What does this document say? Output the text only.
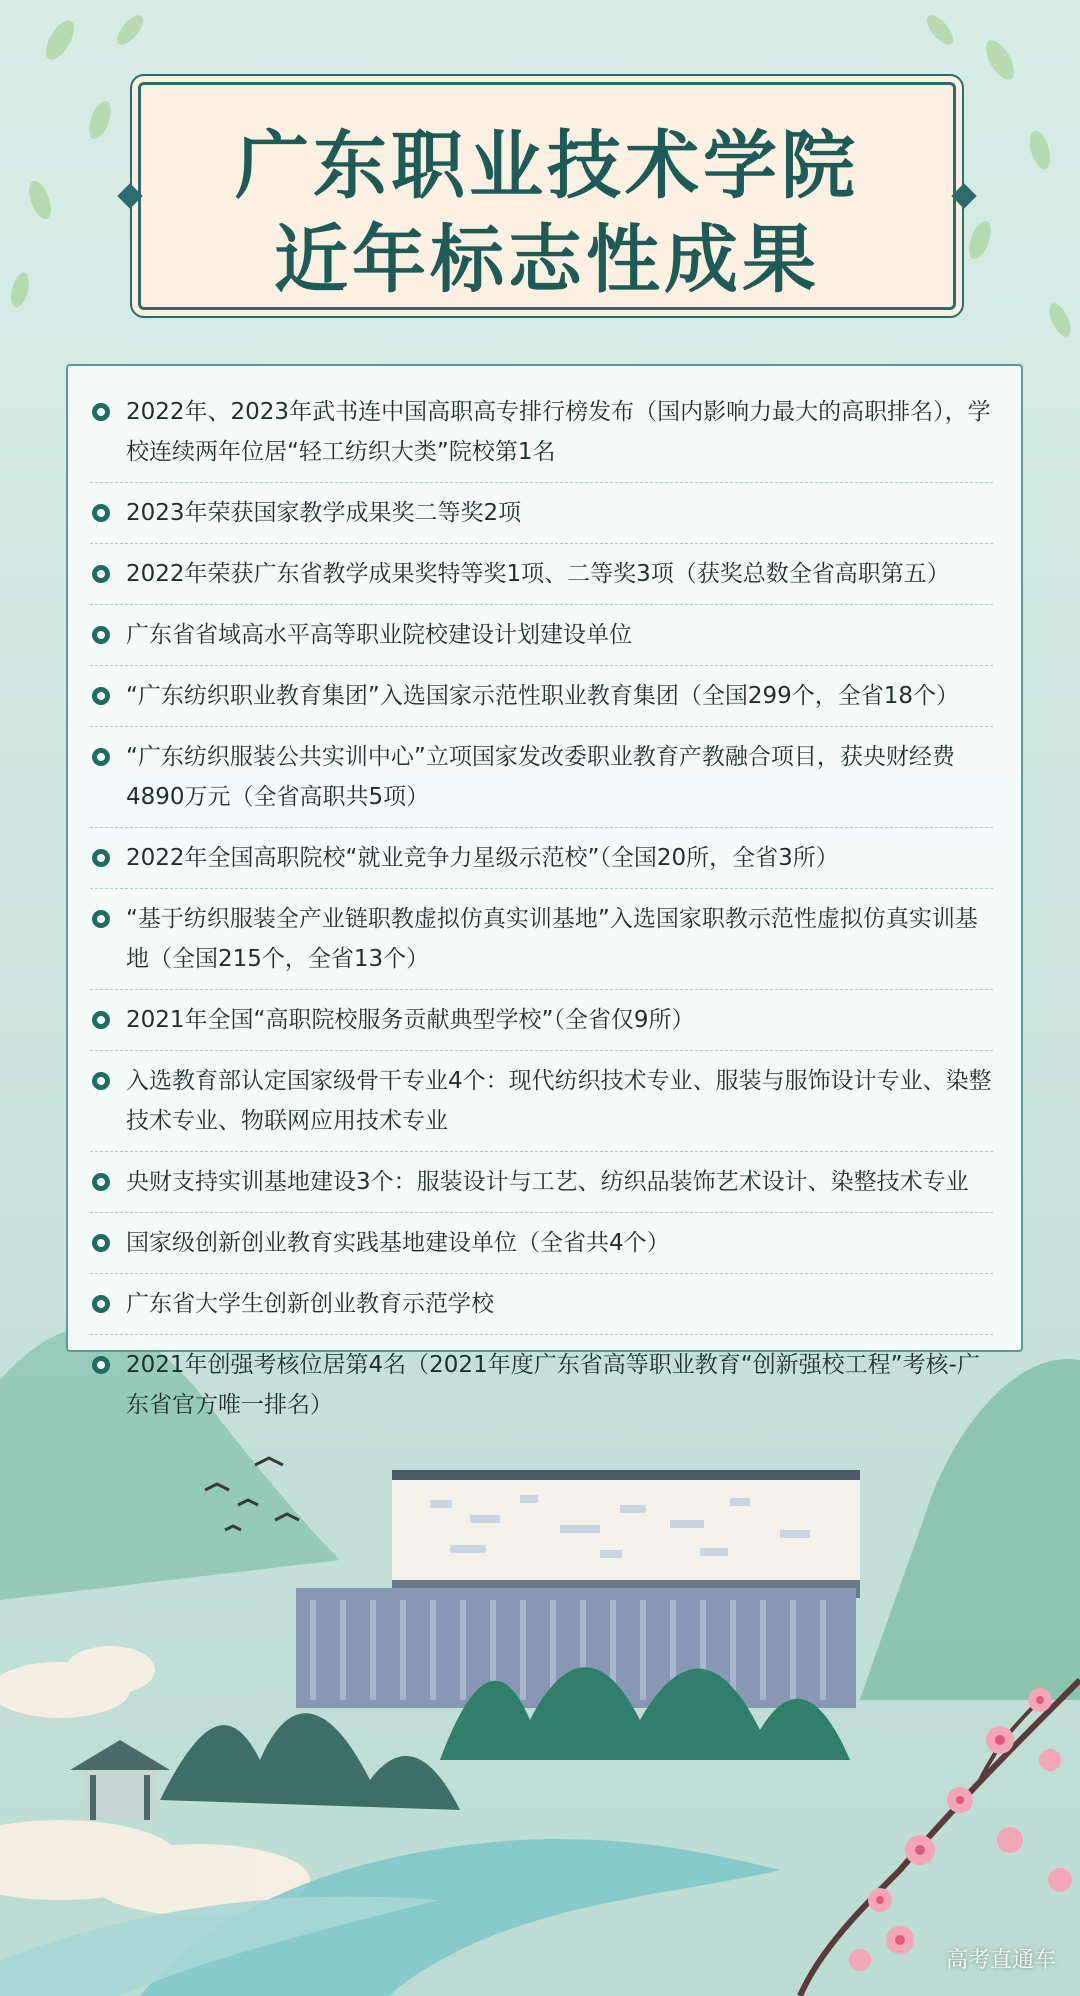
广东职业技术学院
近年标志性成果
2022年、2023年武书连中国高职高专排行榜发布（国内影响力最大的高职排名），学校连续两年位居“轻工纺织大类”院校第1名
2023年荣获国家教学成果奖二等奖2项
2022年荣获广东省教学成果奖特等奖1项、二等奖3项（获奖总数全省高职第五）
广东省省域高水平高等职业院校建设计划建设单位
“广东纺织职业教育集团”入选国家示范性职业教育集团（全国299个，全省18个）
“广东纺织服装公共实训中心”立项国家发改委职业教育产教融合项目，获央财经费4890万元（全省高职共5项）
2022年全国高职院校“就业竞争力星级示范校”（全国20所，全省3所）
“基于纺织服装全产业链职教虚拟仿真实训基地”入选国家职教示范性虚拟仿真实训基地（全国215个，全省13个）
2021年全国“高职院校服务贡献典型学校”（全省仅9所）
入选教育部认定国家级骨干专业4个：现代纺织技术专业、服装与服饰设计专业、染整技术专业、物联网应用技术专业
央财支持实训基地建设3个：服装设计与工艺、纺织品装饰艺术设计、染整技术专业
国家级创新创业教育实践基地建设单位（全省共4个）
广东省大学生创新创业教育示范学校
2021年创强考核位居第4名（2021年度广东省高等职业教育“创新强校工程”考核-广东省官方唯一排名）
高考直通车
